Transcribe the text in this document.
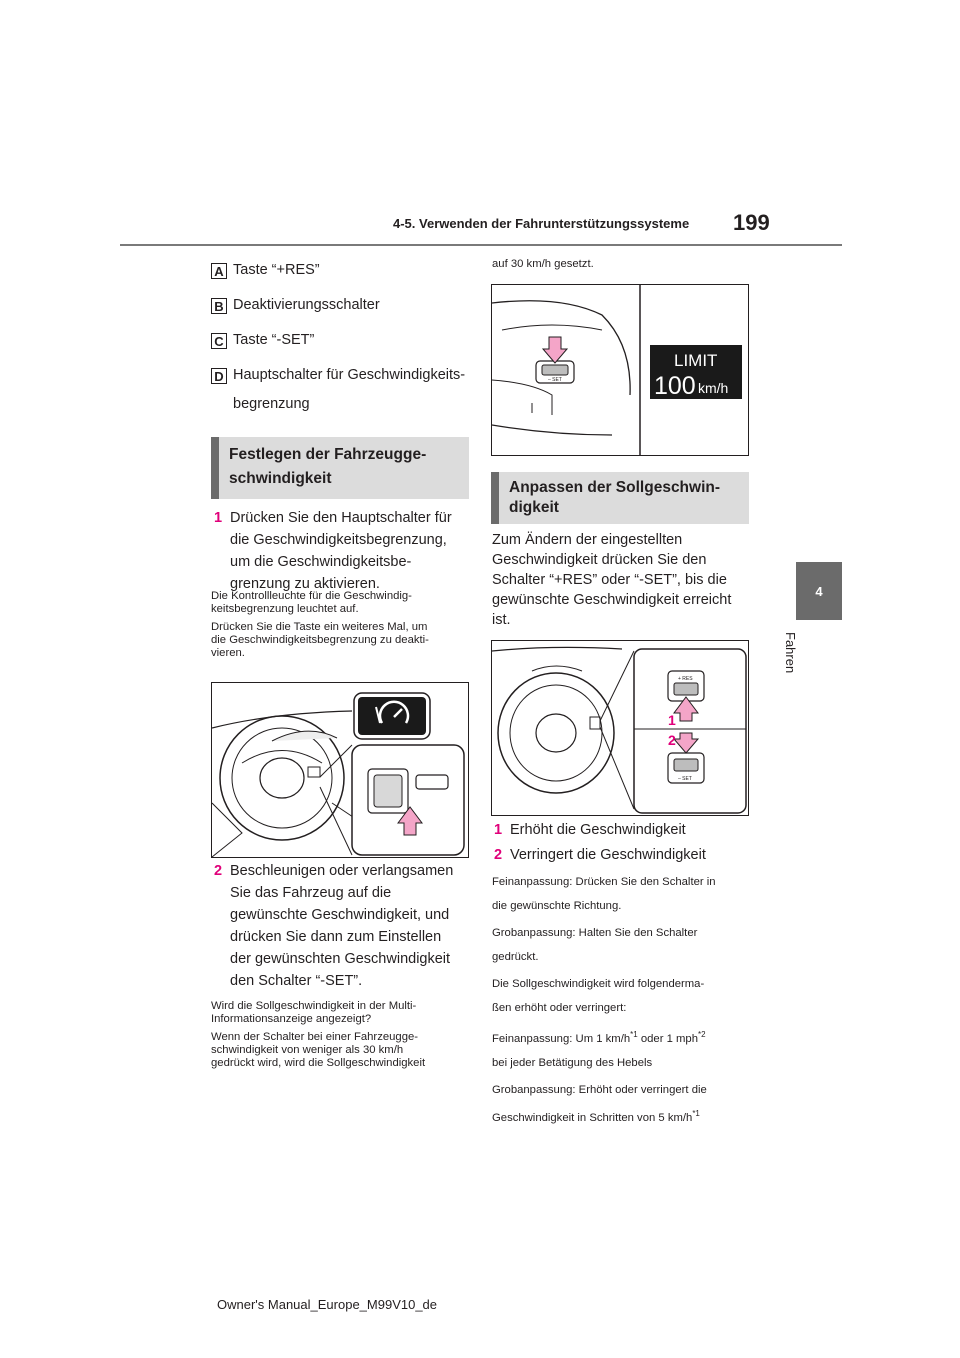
4-5. Verwenden der Fahrunterstützungssysteme 199
4
Fahren
A Taste “+RES”
B Deaktivierungsschalter
C Taste “-SET”
D Hauptschalter für Geschwindigkeits-
begrenzung
Festlegen der Fahrzeugge-
schwindigkeit
1 Drücken Sie den Hauptschalter für
die Geschwindigkeitsbegrenzung,
um die Geschwindigkeitsbe-
grenzung zu aktivieren.
Die Kontrollleuchte für die Geschwindig-
keitsbegrenzung leuchtet auf.
Drücken Sie die Taste ein weiteres Mal, um
die Geschwindigkeitsbegrenzung zu deakti-
vieren.
2 Beschleunigen oder verlangsamen
Sie das Fahrzeug auf die
gewünschte Geschwindigkeit, und
drücken Sie dann zum Einstellen
der gewünschten Geschwindigkeit
den Schalter “-SET”.
Wird die Sollgeschwindigkeit in der Multi-
Informationsanzeige angezeigt?
Wenn der Schalter bei einer Fahrzeugge-
schwindigkeit von weniger als 30 km/h
gedrückt wird, wird die Sollgeschwindigkeit
auf 30 km/h gesetzt.
– SET
LIMIT
100 km/h
Anpassen der Sollgeschwin-
digkeit
Zum Ändern der eingestellten
Geschwindigkeit drücken Sie den
Schalter “+RES” oder “-SET”, bis die
gewünschte Geschwindigkeit erreicht
ist.
+ RES
1
– SET
2
1 Erhöht die Geschwindigkeit
2 Verringert die Geschwindigkeit
Feinanpassung: Drücken Sie den Schalter in
die gewünschte Richtung.
Grobanpassung: Halten Sie den Schalter
gedrückt.
Die Sollgeschwindigkeit wird folgenderma-
ßen erhöht oder verringert:
Feinanpassung: Um 1 $km/h^{*1}$ oder 1 mph$^{*2}$
bei jeder Betätigung des Hebels
Grobanpassung: Erhöht oder verringert die
Geschwindigkeit in Schritten von 5 $km/h^{*1}$
Owner's Manual_Europe_M99V10_de
